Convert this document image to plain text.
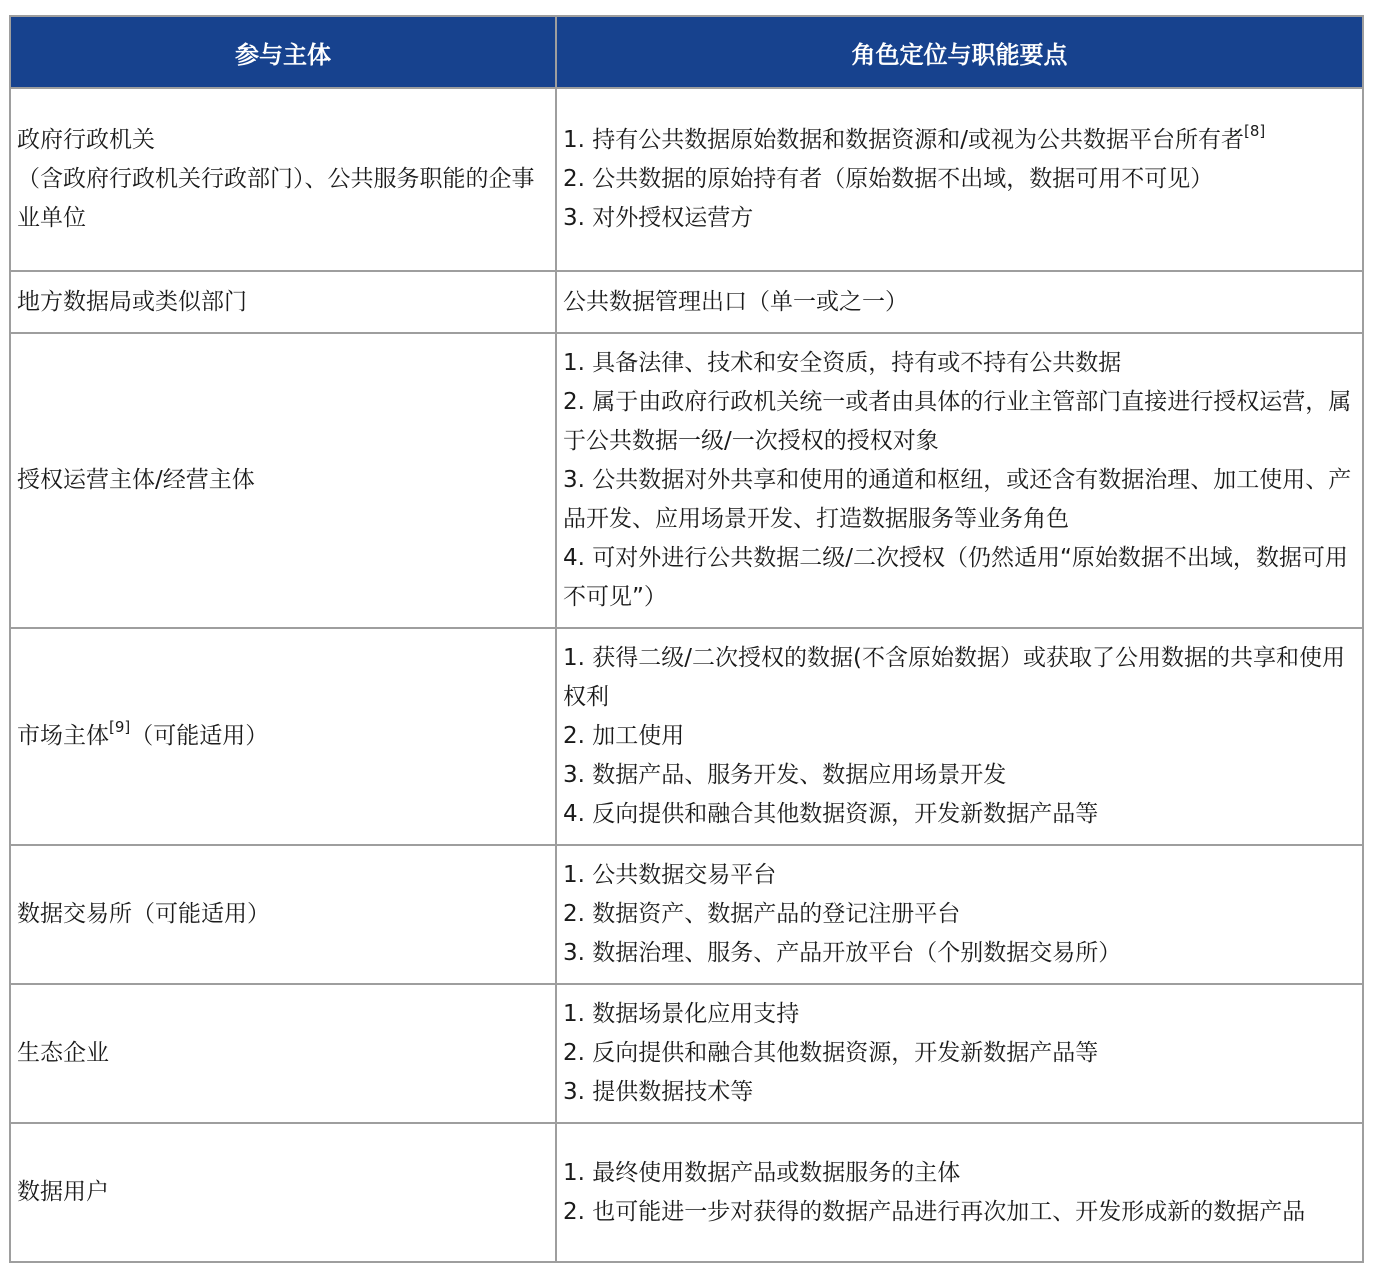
参与主体	角色定位与职能要点

政府行政机关
（含政府行政机关行政部门）、公共服务职能的企事业单位	1. 持有公共数据原始数据和数据资源和/或视为公共数据平台所有者[8]
2. 公共数据的原始持有者（原始数据不出域，数据可用不可见）
3. 对外授权运营方

地方数据局或类似部门	公共数据管理出口（单一或之一）

授权运营主体/经营主体	1. 具备法律、技术和安全资质，持有或不持有公共数据
2. 属于由政府行政机关统一或者由具体的行业主管部门直接进行授权运营，属于公共数据一级/一次授权的授权对象
3. 公共数据对外共享和使用的通道和枢纽，或还含有数据治理、加工使用、产品开发、应用场景开发、打造数据服务等业务角色
4. 可对外进行公共数据二级/二次授权（仍然适用“原始数据不出域，数据可用不可见”）

市场主体[9]（可能适用）	1. 获得二级/二次授权的数据(不含原始数据）或获取了公用数据的共享和使用权利
2. 加工使用
3. 数据产品、服务开发、数据应用场景开发
4. 反向提供和融合其他数据资源，开发新数据产品等

数据交易所（可能适用）	1. 公共数据交易平台
2. 数据资产、数据产品的登记注册平台
3. 数据治理、服务、产品开放平台（个别数据交易所）

生态企业	1. 数据场景化应用支持
2. 反向提供和融合其他数据资源，开发新数据产品等
3. 提供数据技术等

数据用户	1. 最终使用数据产品或数据服务的主体
2. 也可能进一步对获得的数据产品进行再次加工、开发形成新的数据产品
